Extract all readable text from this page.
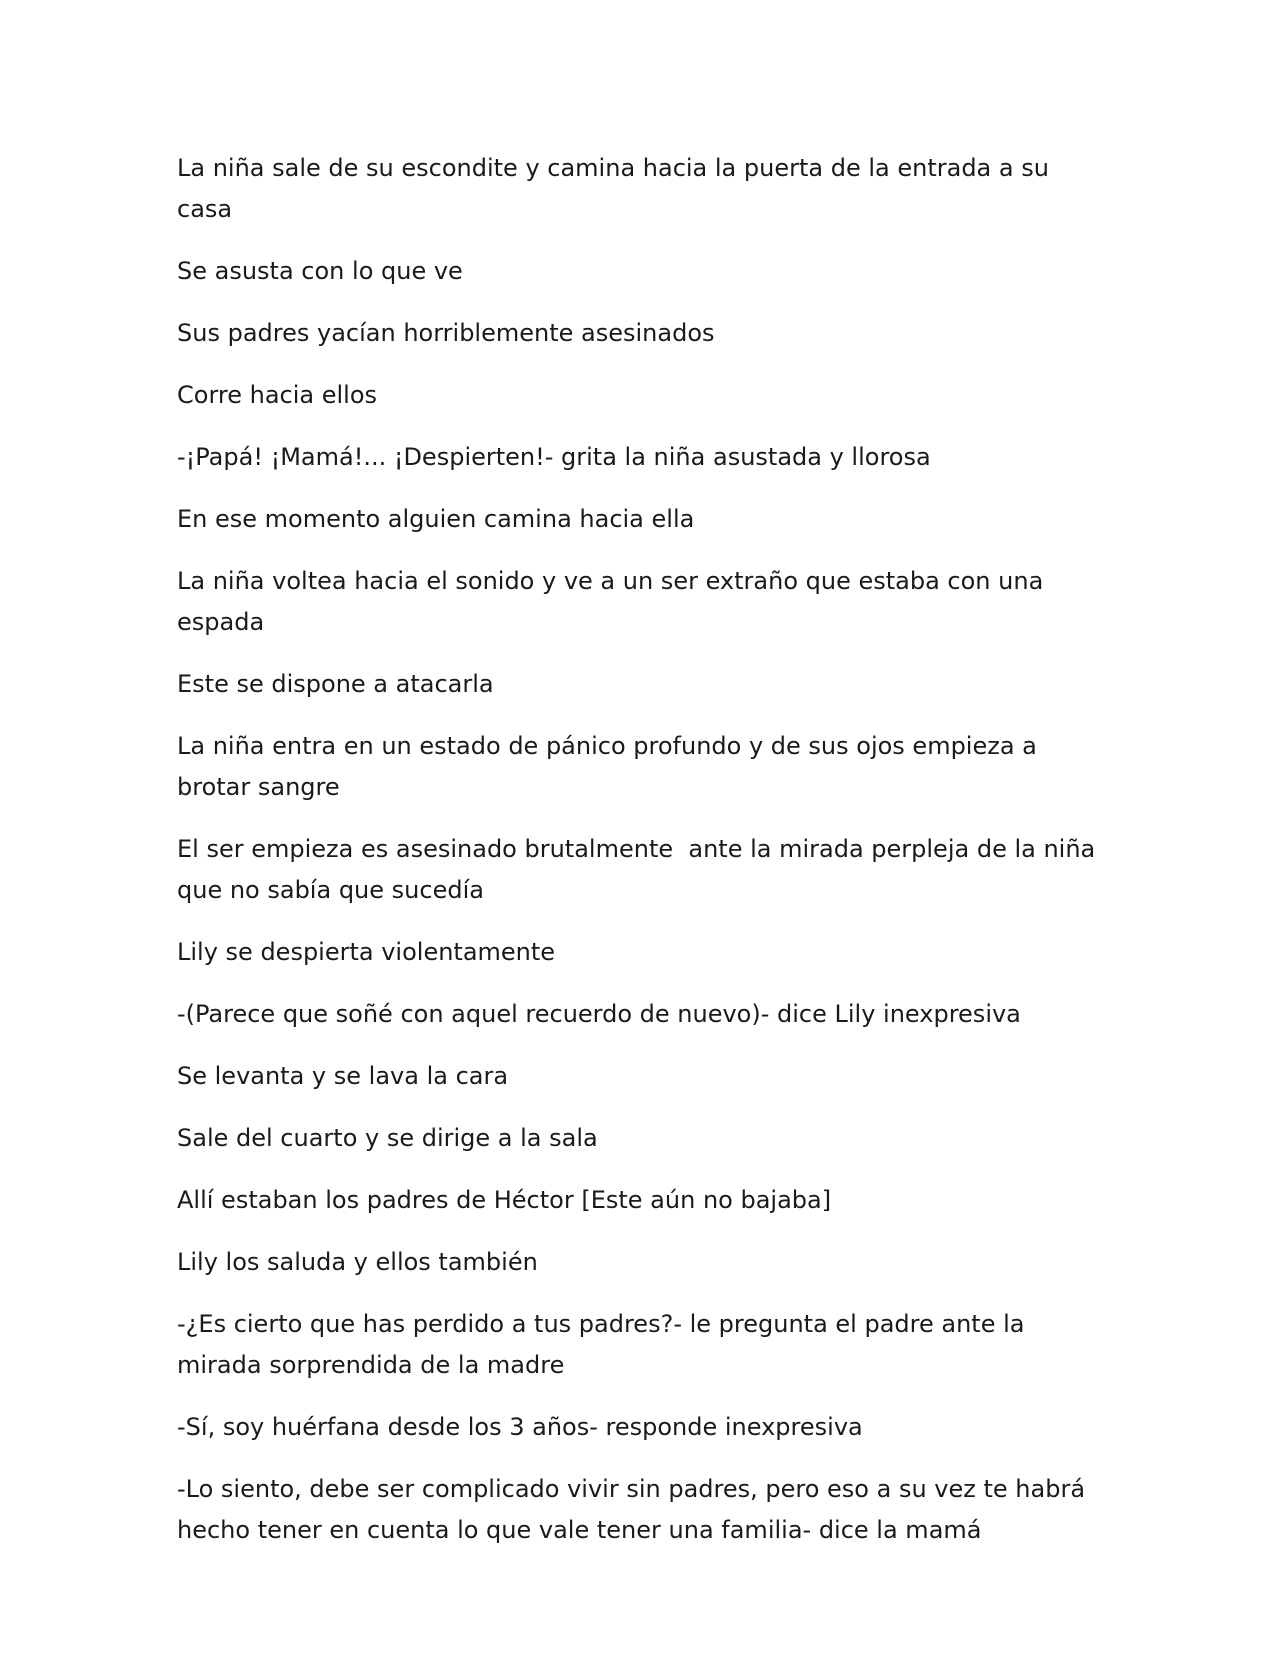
La niña sale de su escondite y camina hacia la puerta de la entrada a su casa

Se asusta con lo que ve

Sus padres yacían horriblemente asesinados

Corre hacia ellos

-¡Papá! ¡Mamá!... ¡Despierten!- grita la niña asustada y llorosa

En ese momento alguien camina hacia ella

La niña voltea hacia el sonido y ve a un ser extraño que estaba con una espada

Este se dispone a atacarla

La niña entra en un estado de pánico profundo y de sus ojos empieza a brotar sangre

El ser empieza es asesinado brutalmente  ante la mirada perpleja de la niña que no sabía que sucedía

Lily se despierta violentamente

-(Parece que soñé con aquel recuerdo de nuevo)- dice Lily inexpresiva

Se levanta y se lava la cara

Sale del cuarto y se dirige a la sala

Allí estaban los padres de Héctor [Este aún no bajaba]

Lily los saluda y ellos también

-¿Es cierto que has perdido a tus padres?- le pregunta el padre ante la mirada sorprendida de la madre

-Sí, soy huérfana desde los 3 años- responde inexpresiva

-Lo siento, debe ser complicado vivir sin padres, pero eso a su vez te habrá hecho tener en cuenta lo que vale tener una familia- dice la mamá
